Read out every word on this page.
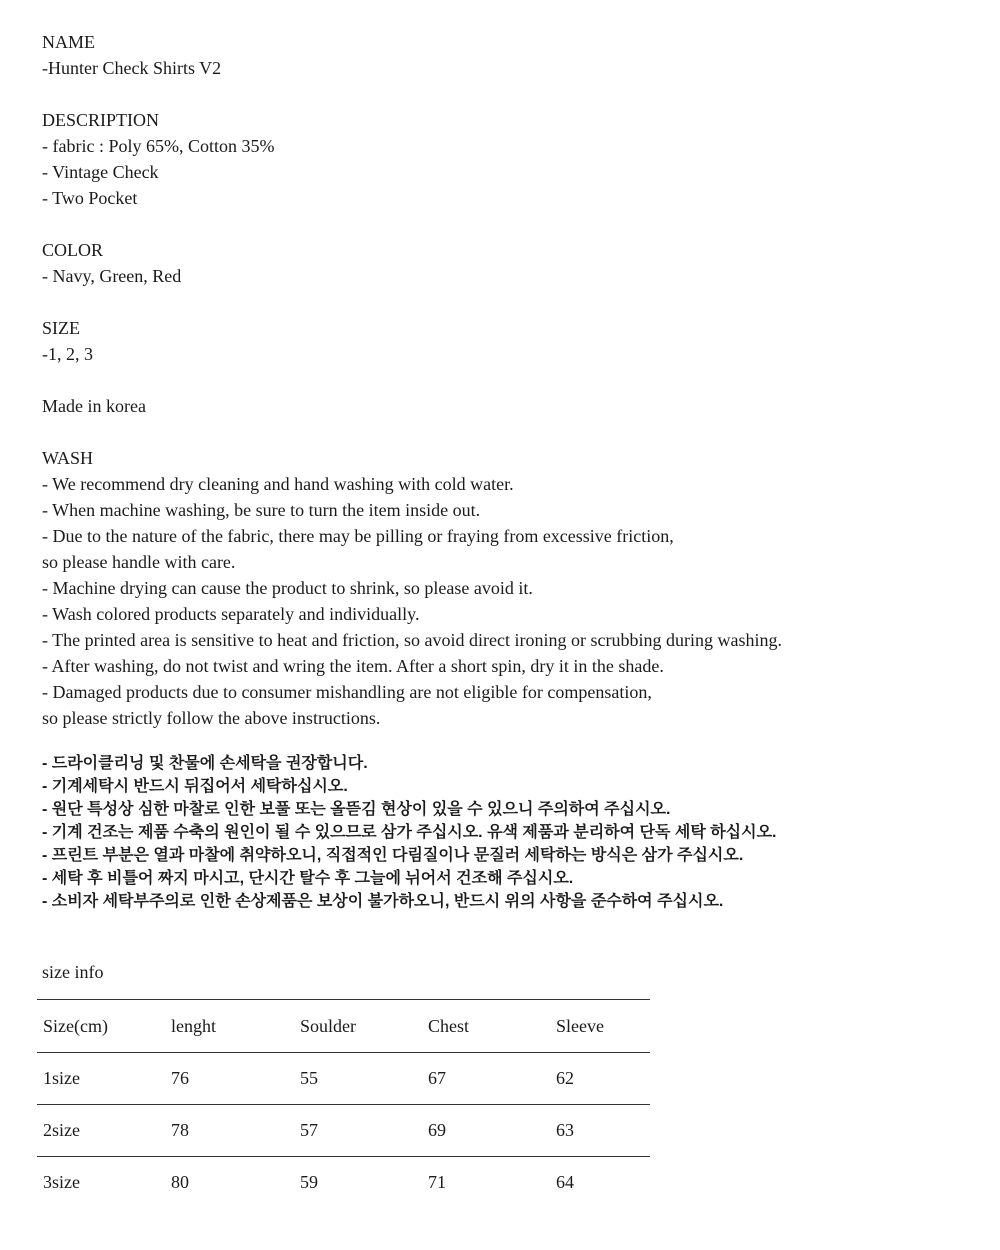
NAME
-Hunter Check Shirts V2
DESCRIPTION
- fabric : Poly 65%, Cotton 35%
- Vintage Check
- Two Pocket
COLOR
- Navy, Green, Red
SIZE
-1, 2, 3
Made in korea
WASH
- We recommend dry cleaning and hand washing with cold water.
- When machine washing, be sure to turn the item inside out.
- Due to the nature of the fabric, there may be pilling or fraying from excessive friction,
so please handle with care.
- Machine drying can cause the product to shrink, so please avoid it.
- Wash colored products separately and individually.
- The printed area is sensitive to heat and friction, so avoid direct ironing or scrubbing during washing.
- After washing, do not twist and wring the item. After a short spin, dry it in the shade.
- Damaged products due to consumer mishandling are not eligible for compensation,
so please strictly follow the above instructions.
- 드라이클리닝 및 찬물에 손세탁을 권장합니다.
- 기계세탁시 반드시 뒤집어서 세탁하십시오.
- 원단 특성상 심한 마찰로 인한 보풀 또는 올뜯김 현상이 있을 수 있으니 주의하여 주십시오.
- 기계 건조는 제품 수축의 원인이 될 수 있으므로 삼가 주십시오. 유색 제품과 분리하여 단독 세탁 하십시오.
- 프린트 부분은 열과 마찰에 취약하오니, 직접적인 다림질이나 문질러 세탁하는 방식은 삼가 주십시오.
- 세탁 후 비틀어 짜지 마시고, 단시간 탈수 후 그늘에 뉘어서 건조해 주십시오.
- 소비자 세탁부주의로 인한 손상제품은 보상이 불가하오니, 반드시 위의 사항을 준수하여 주십시오.
size info
Size(cm)	lenght	Soulder	Chest	Sleeve
1size	76	55	67	62
2size	78	57	69	63
3size	80	59	71	64
